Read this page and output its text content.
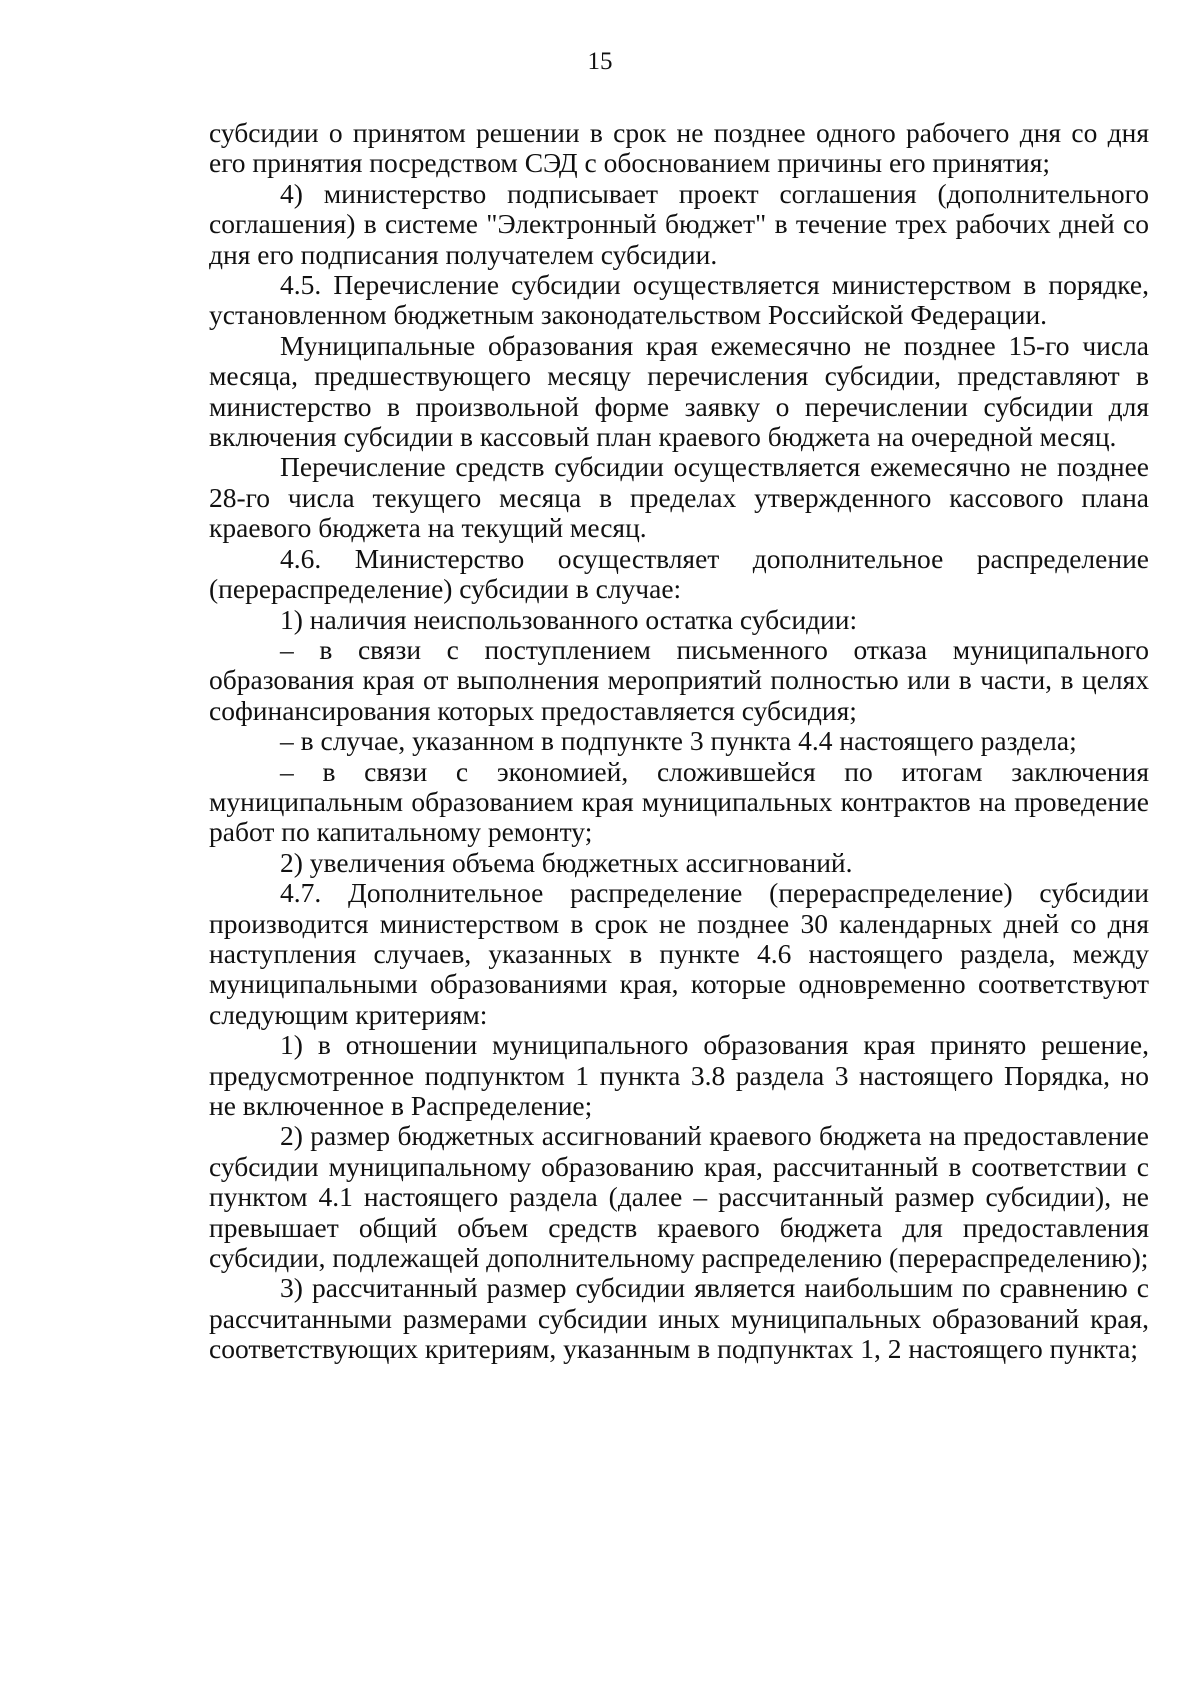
15

субсидии о принятом решении в срок не позднее одного рабочего дня со дня его принятия посредством СЭД с обоснованием причины его принятия;

4) министерство подписывает проект соглашения (дополнительного соглашения) в системе "Электронный бюджет" в течение трех рабочих дней со дня его подписания получателем субсидии.

4.5. Перечисление субсидии осуществляется министерством в порядке, установленном бюджетным законодательством Российской Федерации.

Муниципальные образования края ежемесячно не позднее 15-го числа месяца, предшествующего месяцу перечисления субсидии, представляют в министерство в произвольной форме заявку о перечислении субсидии для включения субсидии в кассовый план краевого бюджета на очередной месяц.

Перечисление средств субсидии осуществляется ежемесячно не позднее 28-го числа текущего месяца в пределах утвержденного кассового плана краевого бюджета на текущий месяц.

4.6. Министерство осуществляет дополнительное распределение (перераспределение) субсидии в случае:

1) наличия неиспользованного остатка субсидии:

– в связи с поступлением письменного отказа муниципального образования края от выполнения мероприятий полностью или в части, в целях софинансирования которых предоставляется субсидия;

– в случае, указанном в подпункте 3 пункта 4.4 настоящего раздела;

– в связи с экономией, сложившейся по итогам заключения муниципальным образованием края муниципальных контрактов на проведение работ по капитальному ремонту;

2) увеличения объема бюджетных ассигнований.

4.7. Дополнительное распределение (перераспределение) субсидии производится министерством в срок не позднее 30 календарных дней со дня наступления случаев, указанных в пункте 4.6 настоящего раздела, между муниципальными образованиями края, которые одновременно соответствуют следующим критериям:

1) в отношении муниципального образования края принято решение, предусмотренное подпунктом 1 пункта 3.8 раздела 3 настоящего Порядка, но не включенное в Распределение;

2) размер бюджетных ассигнований краевого бюджета на предоставление субсидии муниципальному образованию края, рассчитанный в соответствии с пунктом 4.1 настоящего раздела (далее – рассчитанный размер субсидии), не превышает общий объем средств краевого бюджета для предоставления субсидии, подлежащей дополнительному распределению (перераспределению);

3) рассчитанный размер субсидии является наибольшим по сравнению с рассчитанными размерами субсидии иных муниципальных образований края, соответствующих критериям, указанным в подпунктах 1, 2 настоящего пункта;
